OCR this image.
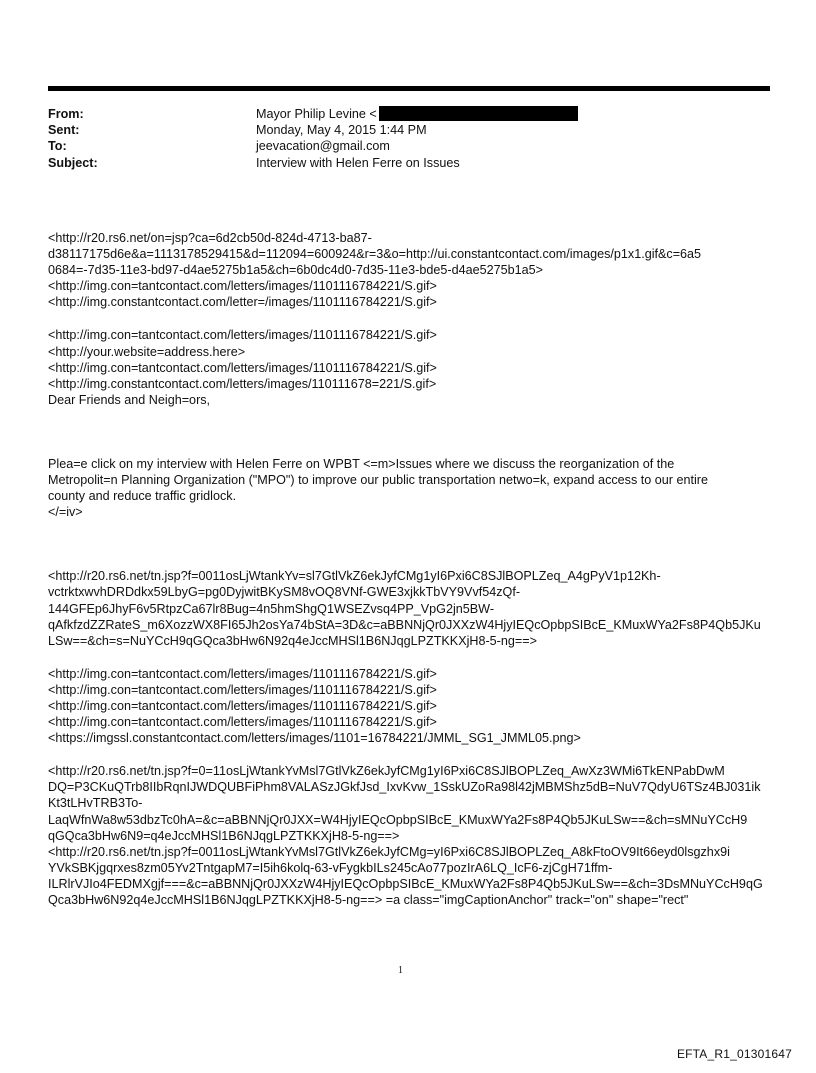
From:	Mayor Philip Levine <
Sent:	Monday, May 4, 2015 1:44 PM
To:	jeevacation@gmail.com
Subject:	Interview with Helen Ferre on Issues
<http://r20.rs6.net/on=jsp?ca=6d2cb50d-824d-4713-ba87-
d38117175d6e&a=1113178529415&d=112094=600924&r=3&o=http://ui.constantcontact.com/images/p1x1.gif&c=6a5
0684=-7d35-11e3-bd97-d4ae5275b1a5&ch=6b0dc4d0-7d35-11e3-bde5-d4ae5275b1a5>
<http://img.con=tantcontact.com/letters/images/1101116784221/S.gif>
<http://img.constantcontact.com/letter=/images/1101116784221/S.gif>
<http://img.con=tantcontact.com/letters/images/1101116784221/S.gif>
<http://your.website=address.here>
<http://img.con=tantcontact.com/letters/images/1101116784221/S.gif>
<http://img.constantcontact.com/letters/images/110111678=221/S.gif>
Dear Friends and Neigh=ors,
Plea=e click on my interview with Helen Ferre on WPBT <=m>Issues where we discuss the reorganization of the
Metropolit=n Planning Organization ("MPO") to improve our public transportation netwo=k, expand access to our entire
county and reduce traffic gridlock.
</=iv>
<http://r20.rs6.net/tn.jsp?f=0011osLjWtankYv=sl7GtlVkZ6ekJyfCMg1yI6Pxi6C8SJlBOPLZeq_A4gPyV1p12Kh-
vctrktxwvhDRDdkx59LbyG=pg0DyjwitBKySM8vOQ8VNf-GWE3xjkkTbVY9Vvf54zQf-
144GFEp6JhyF6v5RtpzCa67lr8Bug=4n5hmShgQ1WSEZvsq4PP_VpG2jn5BW-
qAfkfzdZZRateS_m6XozzWX8FI65Jh2osYa74bStA=3D&c=aBBNNjQr0JXXzW4HjyIEQcOpbpSIBcE_KMuxWYa2Fs8P4Qb5JKu
LSw==&ch=s=NuYCcH9qGQca3bHw6N92q4eJccMHSl1B6NJqgLPZTKKXjH8-5-ng==>
<http://img.con=tantcontact.com/letters/images/1101116784221/S.gif>
<http://img.con=tantcontact.com/letters/images/1101116784221/S.gif>
<http://img.con=tantcontact.com/letters/images/1101116784221/S.gif>
<http://img.con=tantcontact.com/letters/images/1101116784221/S.gif>
<https://imgssl.constantcontact.com/letters/images/1101=16784221/JMML_SG1_JMML05.png>
<http://r20.rs6.net/tn.jsp?f=0=11osLjWtankYvMsl7GtlVkZ6ekJyfCMg1yI6Pxi6C8SJlBOPLZeq_AwXz3WMi6TkENPabDwM
DQ=P3CKuQTrb8IIbRqnIJWDQUBFiPhm8VALASzJGkfJsd_IxvKvw_1SskUZoRa98l42jMBMShz5dB=NuV7QdyU6TSz4BJ031ik
Kt3tLHvTRB3To-
LaqWfnWa8w53dbzTc0hA=&c=aBBNNjQr0JXX=W4HjyIEQcOpbpSIBcE_KMuxWYa2Fs8P4Qb5JKuLSw==&ch=sMNuYCcH9
qGQca3bHw6N9=q4eJccMHSl1B6NJqgLPZTKKXjH8-5-ng==>
<http://r20.rs6.net/tn.jsp?f=0011osLjWtankYvMsl7GtlVkZ6ekJyfCMg=yI6Pxi6C8SJlBOPLZeq_A8kFtoOV9It66eyd0lsgzhx9i
YVkSBKjgqrxes8zm05Yv2TntgapM7=I5ih6kolq-63-vFygkbILs245cAo77pozIrA6LQ_IcF6-zjCgH71ffm-
ILRlrVJIo4FEDMXgjf===&c=aBBNNjQr0JXXzW4HjyIEQcOpbpSIBcE_KMuxWYa2Fs8P4Qb5JKuLSw==&ch=3DsMNuYCcH9qG
Qca3bHw6N92q4eJccMHSl1B6NJqgLPZTKKXjH8-5-ng==> =a class="imgCaptionAnchor" track="on" shape="rect"
1
EFTA_R1_01301647
